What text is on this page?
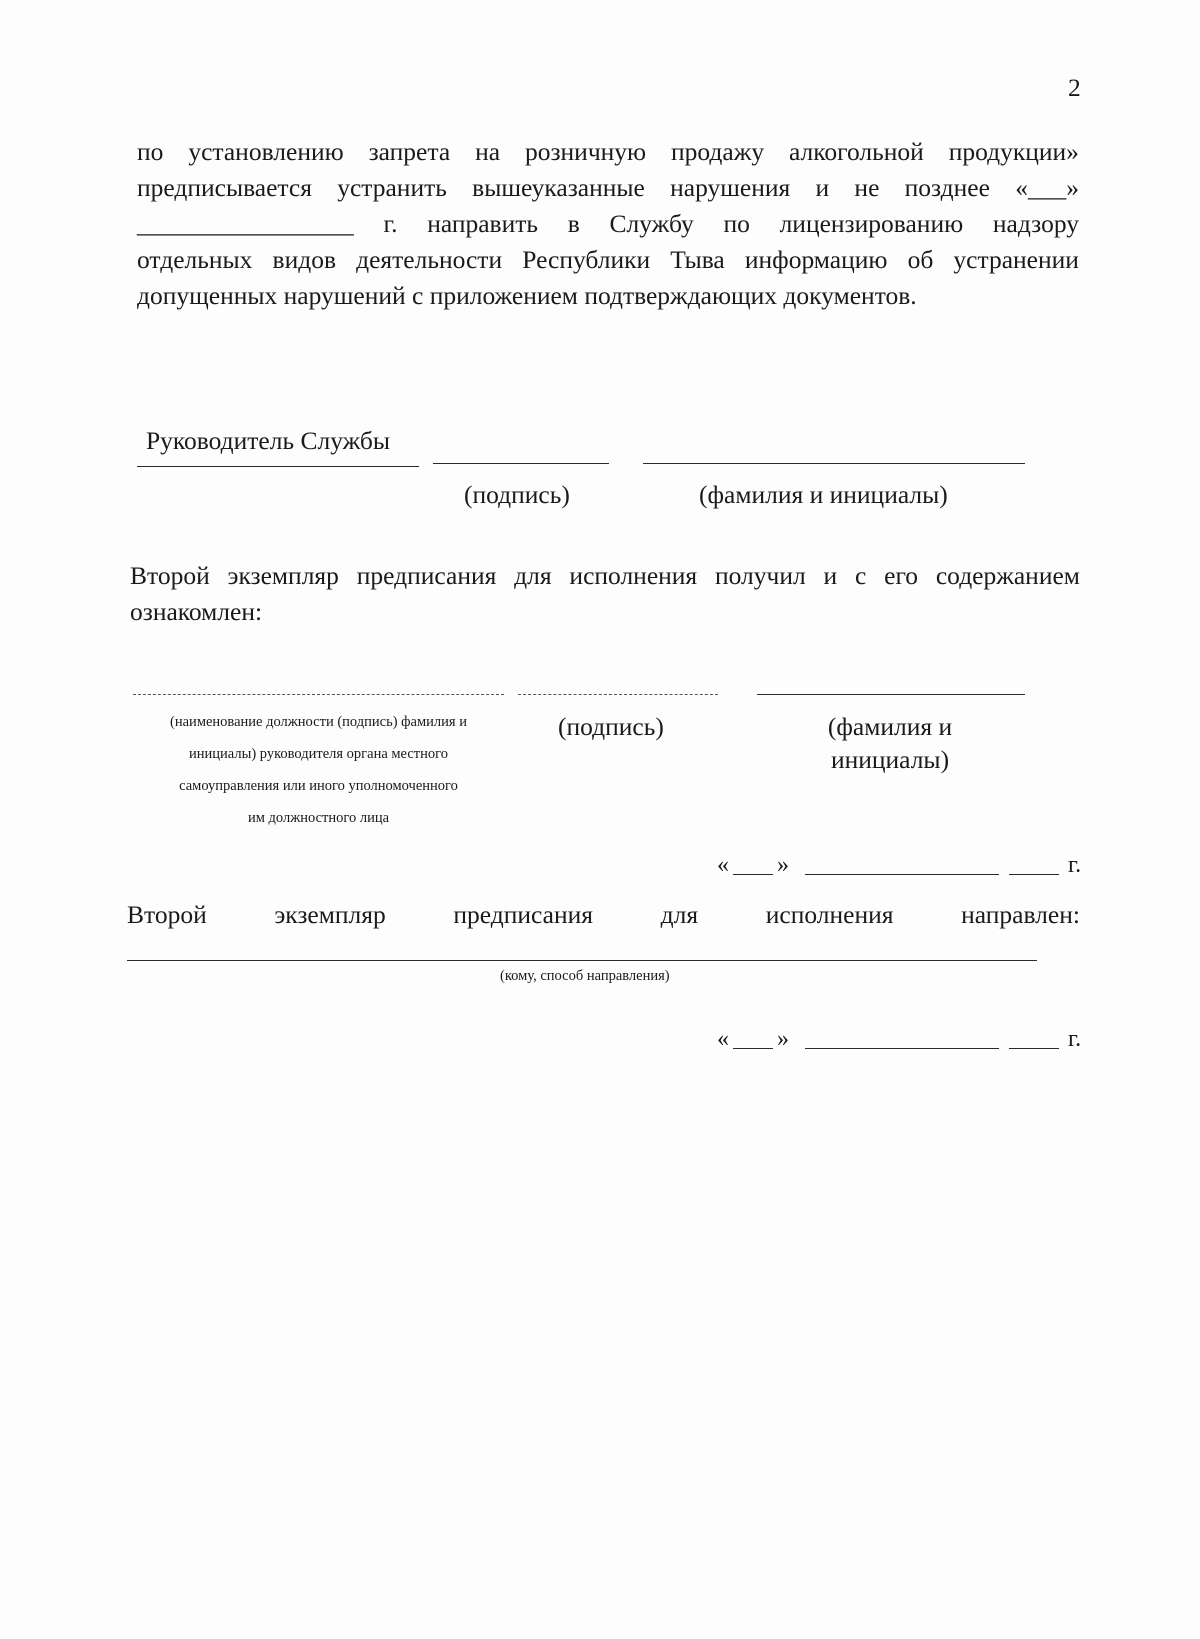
2
по установлению запрета на розничную продажу алкогольной продукции»
предписывается устранить вышеуказанные нарушения и не позднее «___»
_________________ г. направить в Службу по лицензированию надзору
отдельных видов деятельности Республики Тыва информацию об устранении
допущенных нарушений с приложением подтверждающих документов.
Руководитель Службы
(подпись)	(фамилия и инициалы)
Второй экземпляр предписания для исполнения получил и с его содержанием
ознакомлен:
(наименование должности (подпись) фамилия и
инициалы) руководителя органа местного
самоуправления или иного уполномоченного
им должностного лица
(подпись)	(фамилия и
инициалы)
« »	г.
Второй	экземпляр	предписания	для	исполнения	направлен:
(кому, способ направления)
« »	г.
